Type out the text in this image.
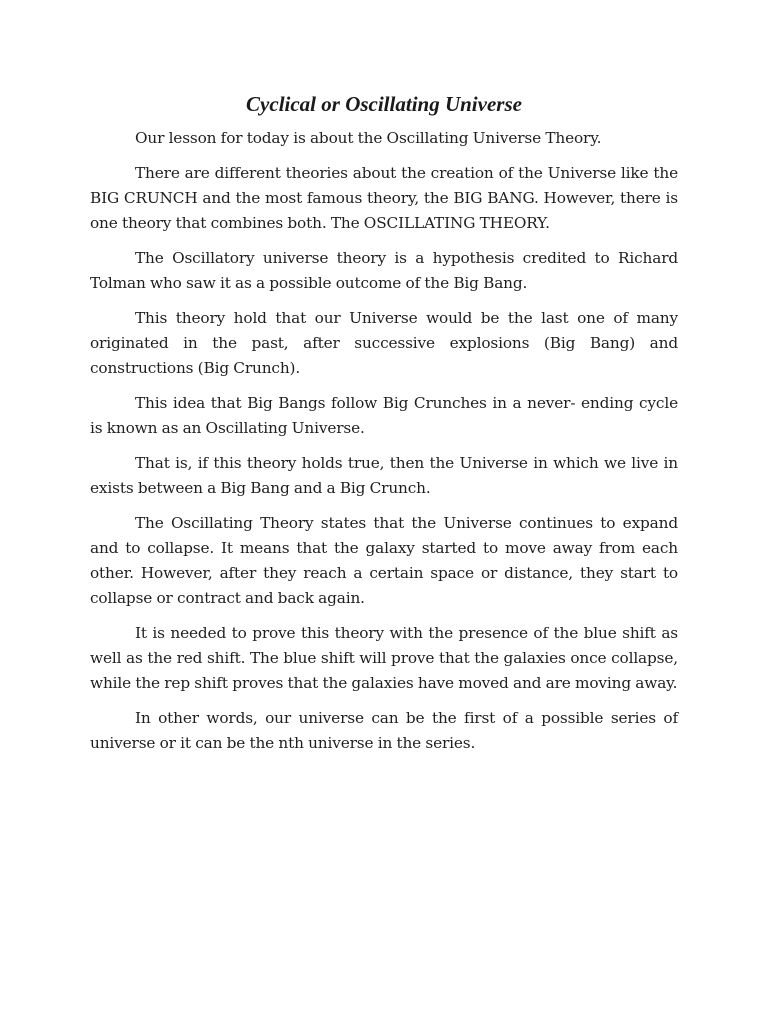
Cyclical or Oscillating Universe

Our lesson for today is about the Oscillating Universe Theory.

There are different theories about the creation of the Universe like the BIG CRUNCH and the most famous theory, the BIG BANG. However, there is one theory that combines both. The OSCILLATING THEORY.

The Oscillatory universe theory is a hypothesis credited to Richard Tolman who saw it as a possible outcome of the Big Bang.

This theory hold that our Universe would be the last one of many originated in the past, after successive explosions (Big Bang) and constructions (Big Crunch).

This idea that Big Bangs follow Big Crunches in a never- ending cycle is known as an Oscillating Universe.

That is, if this theory holds true, then the Universe in which we live in exists between a Big Bang and a Big Crunch.

The Oscillating Theory states that the Universe continues to expand and to collapse. It means that the galaxy started to move away from each other. However, after they reach a certain space or distance, they start to collapse or contract and back again.

It is needed to prove this theory with the presence of the blue shift as well as the red shift. The blue shift will prove that the galaxies once collapse, while the rep shift proves that the galaxies have moved and are moving away.

In other words, our universe can be the first of a possible series of universe or it can be the nth universe in the series.
